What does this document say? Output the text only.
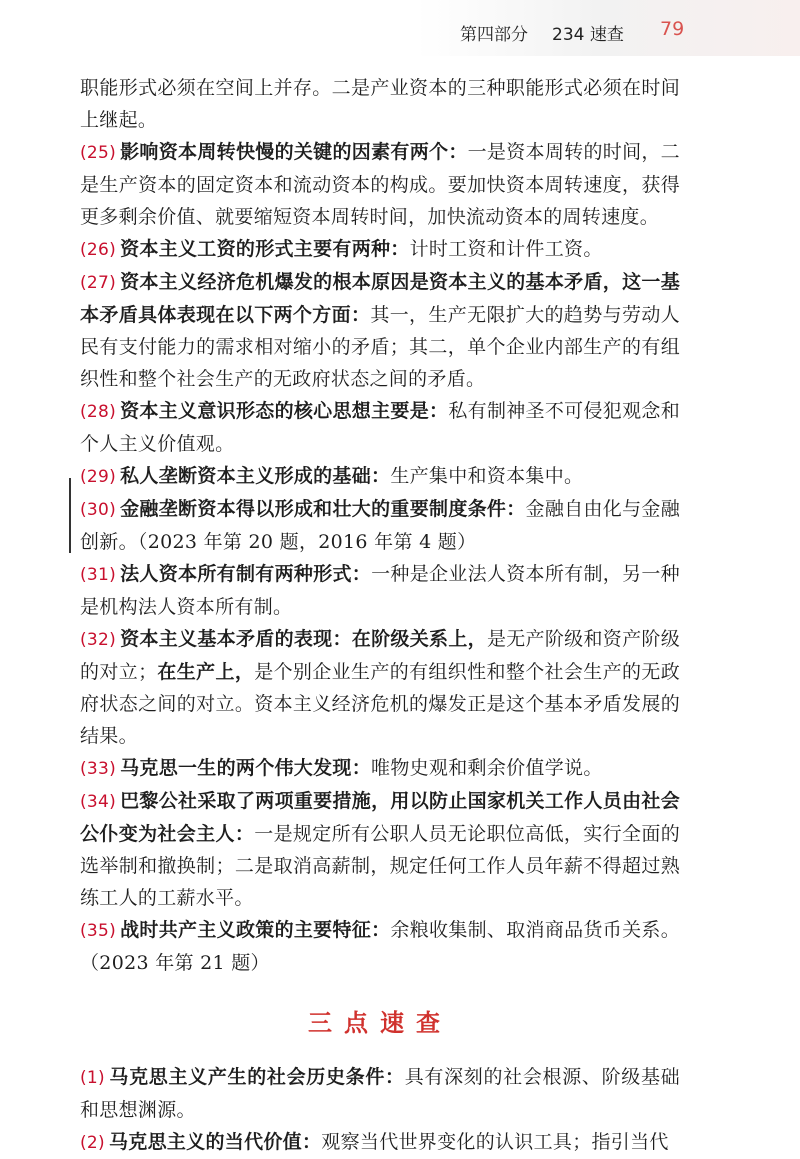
第四部分 234 速查 79

职能形式必须在空间上并存。二是产业资本的三种职能形式必须在时间上继起。

(25) 影响资本周转快慢的关键的因素有两个：一是资本周转的时间，二是生产资本的固定资本和流动资本的构成。要加快资本周转速度，获得更多剩余价值、就要缩短资本周转时间，加快流动资本的周转速度。

(26) 资本主义工资的形式主要有两种：计时工资和计件工资。

(27) 资本主义经济危机爆发的根本原因是资本主义的基本矛盾，这一基本矛盾具体表现在以下两个方面：其一，生产无限扩大的趋势与劳动人民有支付能力的需求相对缩小的矛盾；其二，单个企业内部生产的有组织性和整个社会生产的无政府状态之间的矛盾。

(28) 资本主义意识形态的核心思想主要是：私有制神圣不可侵犯观念和个人主义价值观。

(29) 私人垄断资本主义形成的基础：生产集中和资本集中。

(30) 金融垄断资本得以形成和壮大的重要制度条件：金融自由化与金融创新。（2023 年第 20 题，2016 年第 4 题）

(31) 法人资本所有制有两种形式：一种是企业法人资本所有制，另一种是机构法人资本所有制。

(32) 资本主义基本矛盾的表现：在阶级关系上，是无产阶级和资产阶级的对立；在生产上，是个别企业生产的有组织性和整个社会生产的无政府状态之间的对立。资本主义经济危机的爆发正是这个基本矛盾发展的结果。

(33) 马克思一生的两个伟大发现：唯物史观和剩余价值学说。

(34) 巴黎公社采取了两项重要措施，用以防止国家机关工作人员由社会公仆变为社会主人：一是规定所有公职人员无论职位高低，实行全面的选举制和撤换制；二是取消高薪制，规定任何工作人员年薪不得超过熟练工人的工薪水平。

(35) 战时共产主义政策的主要特征：余粮收集制、取消商品货币关系。（2023 年第 21 题）

三点速查

(1) 马克思主义产生的社会历史条件：具有深刻的社会根源、阶级基础和思想渊源。

(2) 马克思主义的当代价值：观察当代世界变化的认识工具；指引当代
